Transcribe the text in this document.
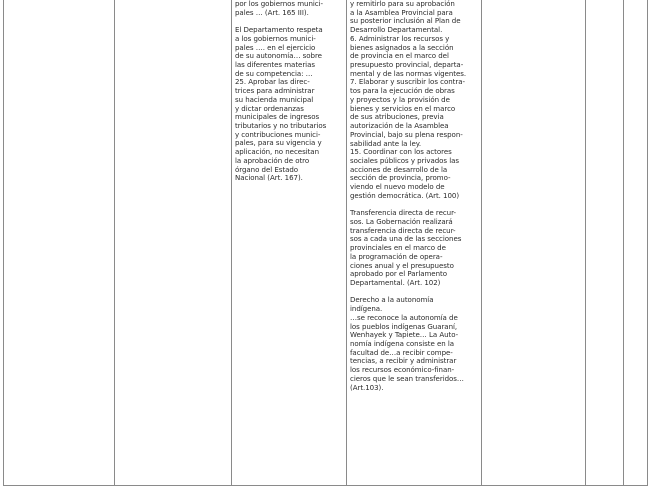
por los gobiernos munici-
pales … (Art. 165 III).

El Departamento respeta
a los gobiernos munici-
pales …. en el ejercicio
de su autonomía… sobre
las diferentes materias
de su competencia: …
25. Aprobar las direc-
trices para administrar
su hacienda municipal
y dictar ordenanzas
municipales de ingresos
tributarios y no tributarios
y contribuciones munici-
pales, para su vigencia y
aplicación, no necesitan
la aprobación de otro
órgano del Estado
Nacional (Art. 167).

y remitirlo para su aprobación
a la Asamblea Provincial para
su posterior inclusión al Plan de
Desarrollo Departamental.
6. Administrar los recursos y
bienes asignados a la sección
de provincia en el marco del
presupuesto provincial, departa-
mental y de las normas vigentes.
7. Elaborar y suscribir los contra-
tos para la ejecución de obras
y proyectos y la provisión de
bienes y servicios en el marco
de sus atribuciones, previa
autorización de la Asamblea
Provincial, bajo su plena respon-
sabilidad ante la ley.
15. Coordinar con los actores
sociales públicos y privados las
acciones de desarrollo de la
sección de provincia, promo-
viendo el nuevo modelo de
gestión democrática. (Art. 100)

Transferencia directa de recur-
sos. La Gobernación realizará
transferencia directa de recur-
sos a cada una de las secciones
provinciales en el marco de
la programación de opera-
ciones anual y el presupuesto
aprobado por el Parlamento
Departamental. (Art. 102)

Derecho a la autonomía
indígena.
…se reconoce la autonomía de
los pueblos indígenas Guaraní,
Wenhayek y Tapiete… La Auto-
nomía indígena consiste en la
facultad de…a recibir compe-
tencias, a recibir y administrar
los recursos económico-finan-
cieros que le sean transferidos…
(Art.103).
